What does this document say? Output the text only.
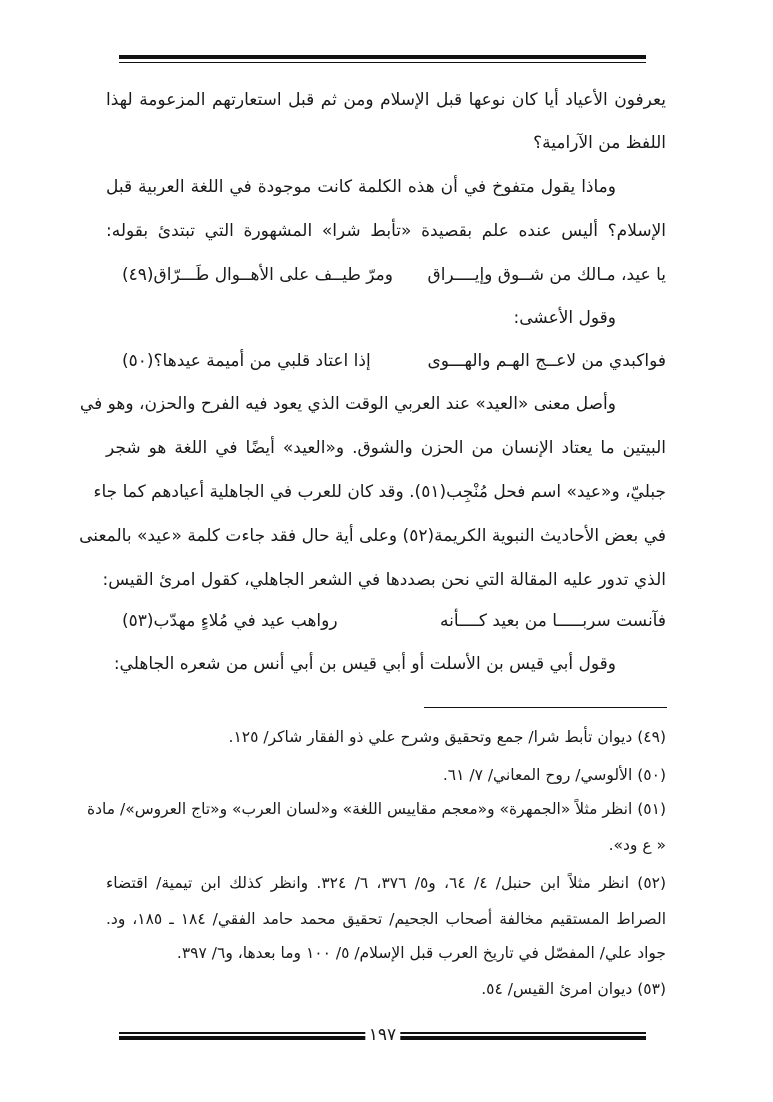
يعرفون الأعياد أيا كان نوعها قبل الإسلام ومن ثم قبل استعارتهم المزعومة لهذا
اللفظ من الآرامية؟
وماذا يقول متفوخ في أن هذه الكلمة كانت موجودة في اللغة العربية قبل
الإسلام؟ أليس عنده علم بقصيدة «تأبط شرا» المشهورة التي تبتدئ بقوله:
يا عيد، مـالك من شــوق وإيــــراق
ومرّ طيــف على الأهــوال طَـــرّاق(٤٩)
وقول الأعشى:
فواكبدي من لاعــج الهـم والهـــوى
إذا اعتاد قلبي من أميمة عيدها؟(٥٠)
وأصل معنى «العيد» عند العربي الوقت الذي يعود فيه الفرح والحزن، وهو في
البيتين ما يعتاد الإنسان من الحزن والشوق. و«العيد» أيضًا في اللغة هو شجر
جبليّ، و«عيد» اسم فحل مُنْجِب(٥١). وقد كان للعرب في الجاهلية أعيادهم كما جاء
في بعض الأحاديث النبوية الكريمة(٥٢) وعلى أية حال فقد جاءت كلمة «عيد» بالمعنى
الذي تدور عليه المقالة التي نحن بصددها في الشعر الجاهلي، كقول امرئ القيس:
فآنست سربـــــا من بعيد كــــأنه
رواهب عيد في مُلاءٍ مهدّب(٥٣)
وقول أبي قيس بن الأسلت أو أبي قيس بن أبي أنس من شعره الجاهلي:
(٤٩) ديوان تأبط شرا/ جمع وتحقيق وشرح علي ذو الفقار شاكر/ ١٢٥.
(٥٠) الألوسي/ روح المعاني/ ٧/ ٦١.
(٥١) انظر مثلاً «الجمهرة» و«معجم مقاييس اللغة» و«لسان العرب» و«تاج العروس»/ مادة
« ع ود».
(٥٢) انظر مثلاً ابن حنبل/ ٤/ ٦٤، و٥/ ٣٧٦، ٦/ ٣٢٤. وانظر كذلك ابن تيمية/ اقتضاء
الصراط المستقيم مخالفة أصحاب الجحيم/ تحقيق محمد حامد الفقي/ ١٨٤ ـ ١٨٥، ود.
جواد علي/ المفصّل في تاريخ العرب قبل الإسلام/ ٥/ ١٠٠ وما بعدها، و٦/ ٣٩٧.
(٥٣) ديوان امرئ القيس/ ٥٤.
١٩٧
